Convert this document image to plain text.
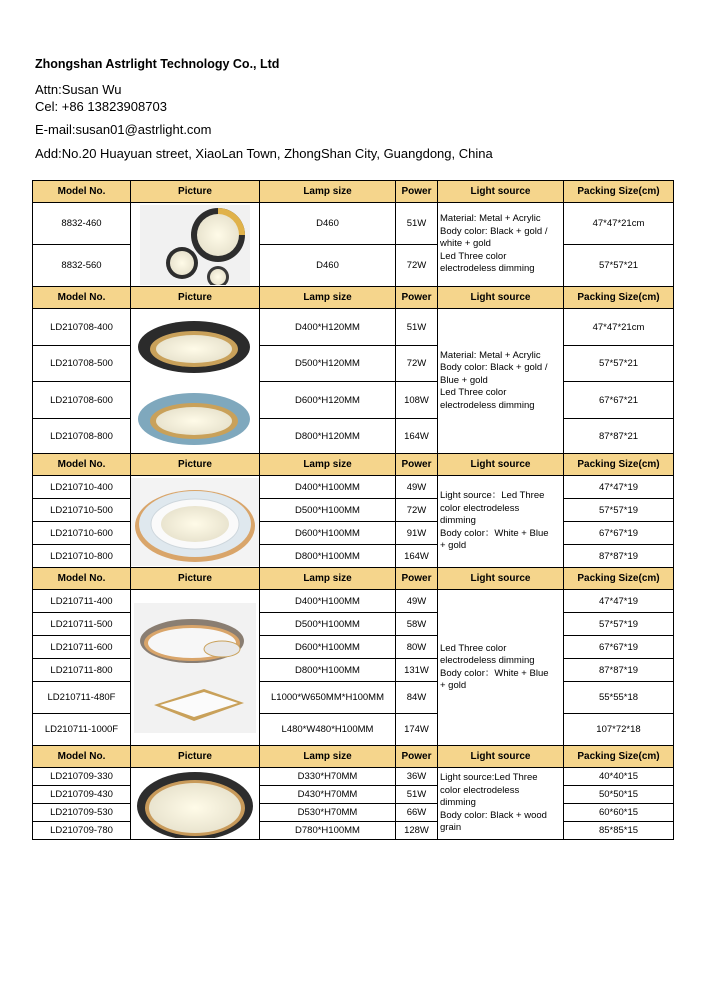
Zhongshan Astrlight Technology Co., Ltd
Attn:Susan Wu
Cel: +86 13823908703
E-mail:susan01@astrlight.com
Add:No.20 Huayuan street, XiaoLan Town, ZhongShan City, Guangdong, China
Model No.	Picture	Lamp size	Power	Light source	Packing Size(cm)
8832-460		D460	51W	Material: Metal + Acrylic
Body color: Black + gold /
white + gold
Led Three color
electrodeless dimming	47*47*21cm
8832-560		D460	72W		57*57*21
Model No.	Picture	Lamp size	Power	Light source	Packing Size(cm)
LD210708-400		D400*H120MM	51W	Material: Metal + Acrylic
Body color: Black + gold /
Blue + gold
Led Three color
electrodeless dimming	47*47*21cm
LD210708-500		D500*H120MM	72W		57*57*21
LD210708-600		D600*H120MM	108W		67*67*21
LD210708-800		D800*H120MM	164W		87*87*21
Model No.	Picture	Lamp size	Power	Light source	Packing Size(cm)
LD210710-400		D400*H100MM	49W	Light source：Led Three
color electrodeless
dimming
Body color：White + Blue
+ gold	47*47*19
LD210710-500		D500*H100MM	72W		57*57*19
LD210710-600		D600*H100MM	91W		67*67*19
LD210710-800		D800*H100MM	164W		87*87*19
Model No.	Picture	Lamp size	Power	Light source	Packing Size(cm)
LD210711-400		D400*H100MM	49W	Led Three color
electrodeless dimming
Body color：White + Blue
+ gold	47*47*19
LD210711-500		D500*H100MM	58W		57*57*19
LD210711-600		D600*H100MM	80W		67*67*19
LD210711-800		D800*H100MM	131W		87*87*19
LD210711-480F		L1000*W650MM*H100MM	84W		55*55*18
LD210711-1000F		L480*W480*H100MM	174W		107*72*18
Model No.	Picture	Lamp size	Power	Light source	Packing Size(cm)
LD210709-330		D330*H70MM	36W	Light source:Led Three
color electrodeless
dimming
Body color: Black + wood
grain	40*40*15
LD210709-430		D430*H70MM	51W		50*50*15
LD210709-530		D530*H70MM	66W		60*60*15
LD210709-780		D780*H100MM	128W		85*85*15
